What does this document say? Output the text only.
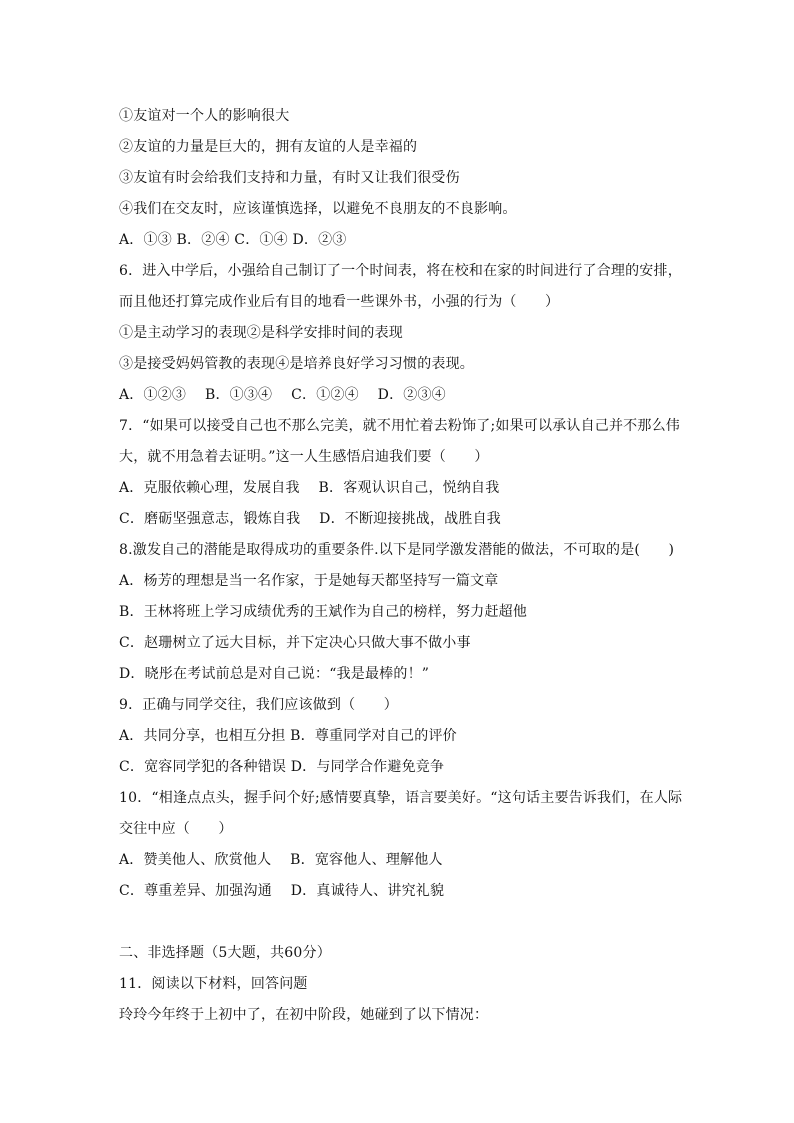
①友谊对一个人的影响很大
②友谊的力量是巨大的，拥有友谊的人是幸福的
③友谊有时会给我们支持和力量，有时又让我们很受伤
④我们在交友时，应该谨慎选择，以避免不良朋友的不良影响。
A．①③ B．②④ C．①④ D．②③
6．进入中学后，小强给自己制订了一个时间表，将在校和在家的时间进行了合理的安排，
而且他还打算完成作业后有目的地看一些课外书，小强的行为（　　）
①是主动学习的表现②是科学安排时间的表现
③是接受妈妈管教的表现④是培养良好学习习惯的表现。
A．①②③　 B．①③④　 C．①②④　 D．②③④
7．“如果可以接受自己也不那么完美，就不用忙着去粉饰了;如果可以承认自己并不那么伟
大，就不用急着去证明。”这一人生感悟启迪我们要（　　）
A．克服依赖心理，发展自我　 B．客观认识自己，悦纳自我
C．磨砺坚强意志，锻炼自我　 D．不断迎接挑战，战胜自我
8.激发自己的潜能是取得成功的重要条件.以下是同学激发潜能的做法，不可取的是(　　)
A．杨芳的理想是当一名作家，于是她每天都坚持写一篇文章
B．王林将班上学习成绩优秀的王斌作为自己的榜样，努力赶超他
C．赵珊树立了远大目标，并下定决心只做大事不做小事
D．晓彤在考试前总是对自己说：“我是最棒的！”
9．正确与同学交往，我们应该做到（　　）
A．共同分享，也相互分担 B．尊重同学对自己的评价
C．宽容同学犯的各种错误 D．与同学合作避免竞争
10．“相逢点点头，握手问个好;感情要真挚，语言要美好。“这句话主要告诉我们，在人际
交往中应（　　）
A．赞美他人、欣赏他人　 B．宽容他人、理解他人
C．尊重差异、加强沟通　 D．真诚待人、讲究礼貌
二、非选择题（5大题，共60分）
11．阅读以下材料，回答问题
玲玲今年终于上初中了，在初中阶段，她碰到了以下情况：
